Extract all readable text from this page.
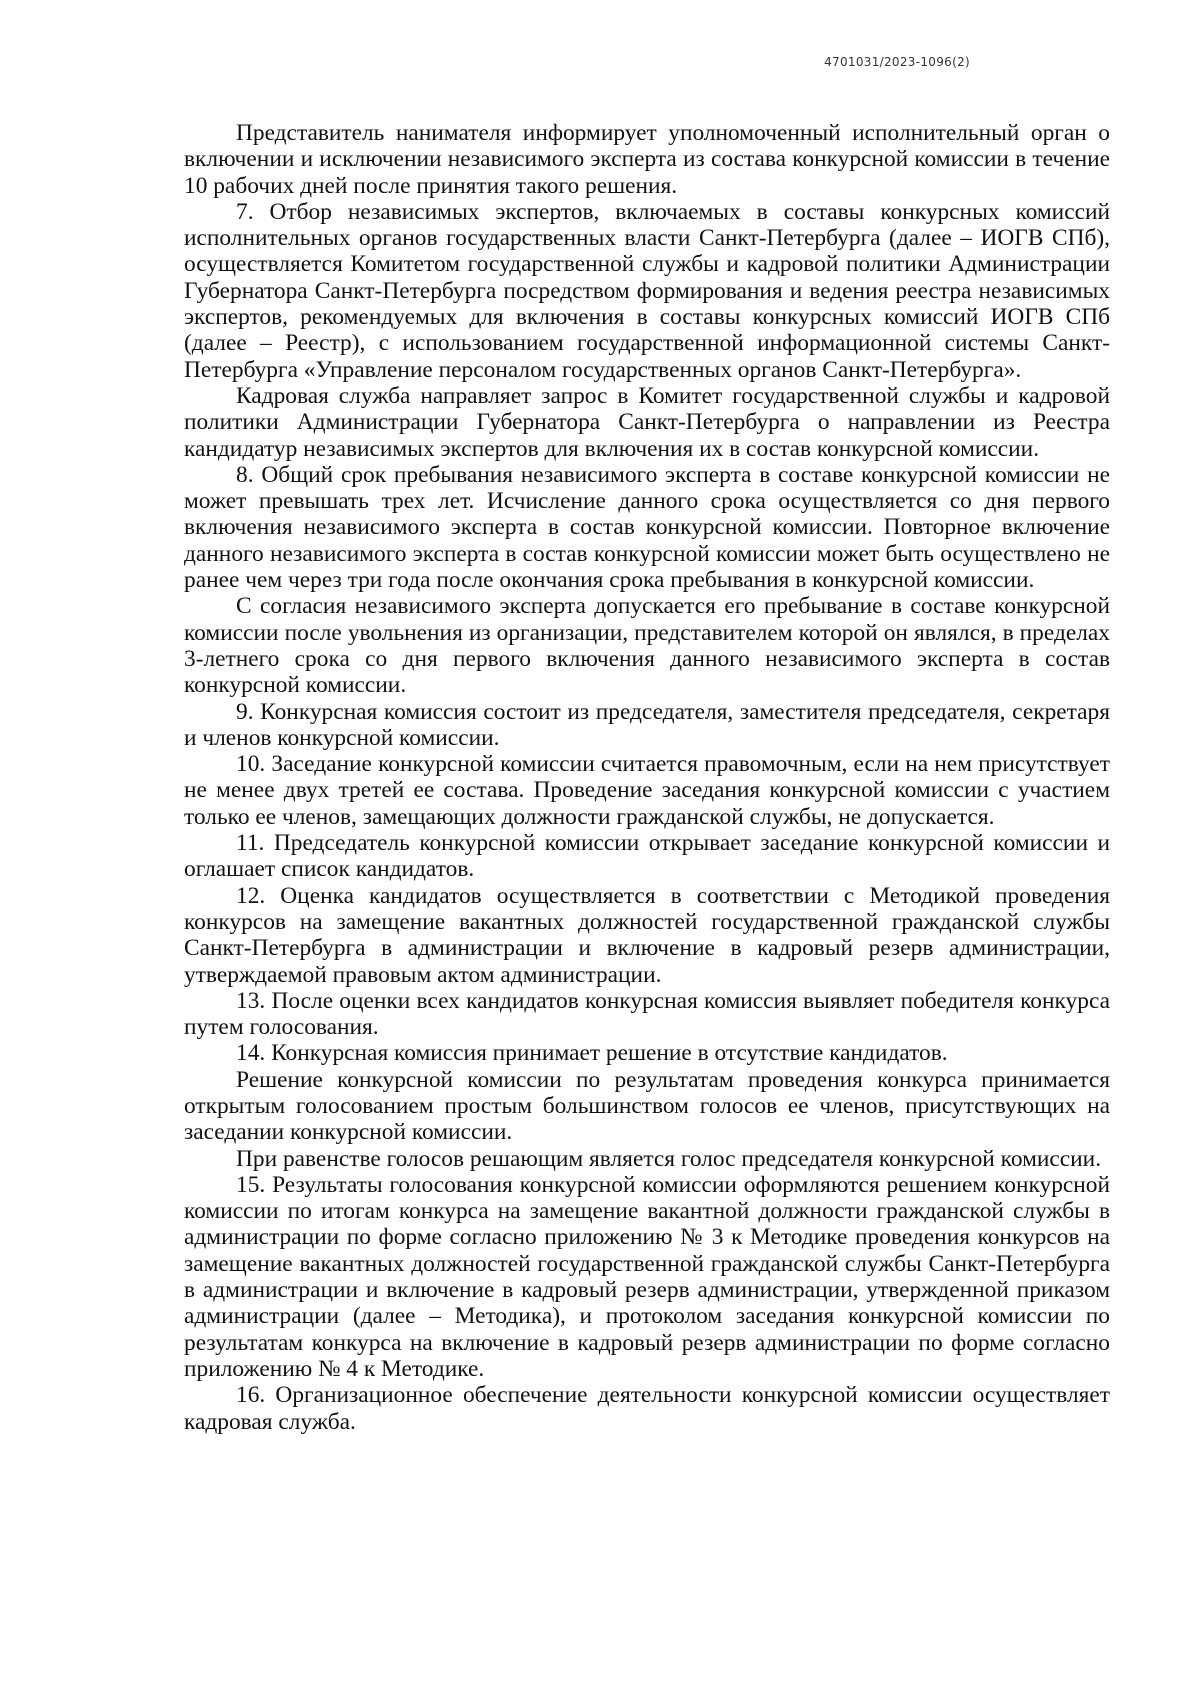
4701031/2023-1096(2)

Представитель нанимателя информирует уполномоченный исполнительный орган о включении и исключении независимого эксперта из состава конкурсной комиссии в течение 10 рабочих дней после принятия такого решения.

7. Отбор независимых экспертов, включаемых в составы конкурсных комиссий исполнительных органов государственных власти Санкт-Петербурга (далее – ИОГВ СПб), осуществляется Комитетом государственной службы и кадровой политики Администрации Губернатора Санкт-Петербурга посредством формирования и ведения реестра независимых экспертов, рекомендуемых для включения в составы конкурсных комиссий ИОГВ СПб (далее – Реестр), с использованием государственной информационной системы Санкт-Петербурга «Управление персоналом государственных органов Санкт-Петербурга».

Кадровая служба направляет запрос в Комитет государственной службы и кадровой политики Администрации Губернатора Санкт-Петербурга о направлении из Реестра кандидатур независимых экспертов для включения их в состав конкурсной комиссии.

8. Общий срок пребывания независимого эксперта в составе конкурсной комиссии не может превышать трех лет. Исчисление данного срока осуществляется со дня первого включения независимого эксперта в состав конкурсной комиссии. Повторное включение данного независимого эксперта в состав конкурсной комиссии может быть осуществлено не ранее чем через три года после окончания срока пребывания в конкурсной комиссии.

С согласия независимого эксперта допускается его пребывание в составе конкурсной комиссии после увольнения из организации, представителем которой он являлся, в пределах 3-летнего срока со дня первого включения данного независимого эксперта в состав конкурсной комиссии.

9. Конкурсная комиссия состоит из председателя, заместителя председателя, секретаря и членов конкурсной комиссии.

10. Заседание конкурсной комиссии считается правомочным, если на нем присутствует не менее двух третей ее состава. Проведение заседания конкурсной комиссии с участием только ее членов, замещающих должности гражданской службы, не допускается.

11. Председатель конкурсной комиссии открывает заседание конкурсной комиссии и оглашает список кандидатов.

12. Оценка кандидатов осуществляется в соответствии с Методикой проведения конкурсов на замещение вакантных должностей государственной гражданской службы Санкт-Петербурга в администрации и включение в кадровый резерв администрации, утверждаемой правовым актом администрации.

13. После оценки всех кандидатов конкурсная комиссия выявляет победителя конкурса путем голосования.

14. Конкурсная комиссия принимает решение в отсутствие кандидатов.

Решение конкурсной комиссии по результатам проведения конкурса принимается открытым голосованием простым большинством голосов ее членов, присутствующих на заседании конкурсной комиссии.

При равенстве голосов решающим является голос председателя конкурсной комиссии.

15. Результаты голосования конкурсной комиссии оформляются решением конкурсной комиссии по итогам конкурса на замещение вакантной должности гражданской службы в администрации по форме согласно приложению № 3 к Методике проведения конкурсов на замещение вакантных должностей государственной гражданской службы Санкт-Петербурга в администрации и включение в кадровый резерв администрации, утвержденной приказом администрации (далее – Методика), и протоколом заседания конкурсной комиссии по результатам конкурса на включение в кадровый резерв администрации по форме согласно приложению № 4 к Методике.

16. Организационное обеспечение деятельности конкурсной комиссии осуществляет кадровая служба.
